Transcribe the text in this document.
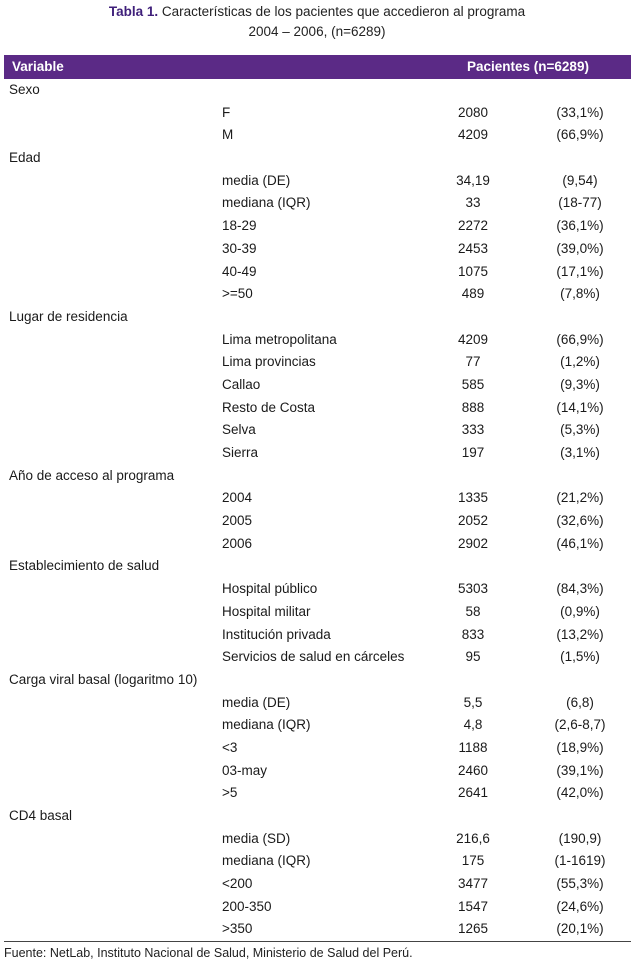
Tabla 1. Características de los pacientes que accedieron al programa
2004 – 2006, (n=6289)
Variable	Pacientes (n=6289)
Sexo
F	2080	(33,1%)
M	4209	(66,9%)
Edad
media (DE)	34,19	(9,54)
mediana (IQR)	33	(18-77)
18-29	2272	(36,1%)
30-39	2453	(39,0%)
40-49	1075	(17,1%)
>=50	489	(7,8%)
Lugar de residencia
Lima metropolitana	4209	(66,9%)
Lima provincias	77	(1,2%)
Callao	585	(9,3%)
Resto de Costa	888	(14,1%)
Selva	333	(5,3%)
Sierra	197	(3,1%)
Año de acceso al programa
2004	1335	(21,2%)
2005	2052	(32,6%)
2006	2902	(46,1%)
Establecimiento de salud
Hospital público	5303	(84,3%)
Hospital militar	58	(0,9%)
Institución privada	833	(13,2%)
Servicios de salud en cárceles	95	(1,5%)
Carga viral basal (logaritmo 10)
media (DE)	5,5	(6,8)
mediana (IQR)	4,8	(2,6-8,7)
<3	1188	(18,9%)
03-may	2460	(39,1%)
>5	2641	(42,0%)
CD4 basal
media (SD)	216,6	(190,9)
mediana (IQR)	175	(1-1619)
<200	3477	(55,3%)
200-350	1547	(24,6%)
>350	1265	(20,1%)
Fuente: NetLab, Instituto Nacional de Salud, Ministerio de Salud del Perú.
